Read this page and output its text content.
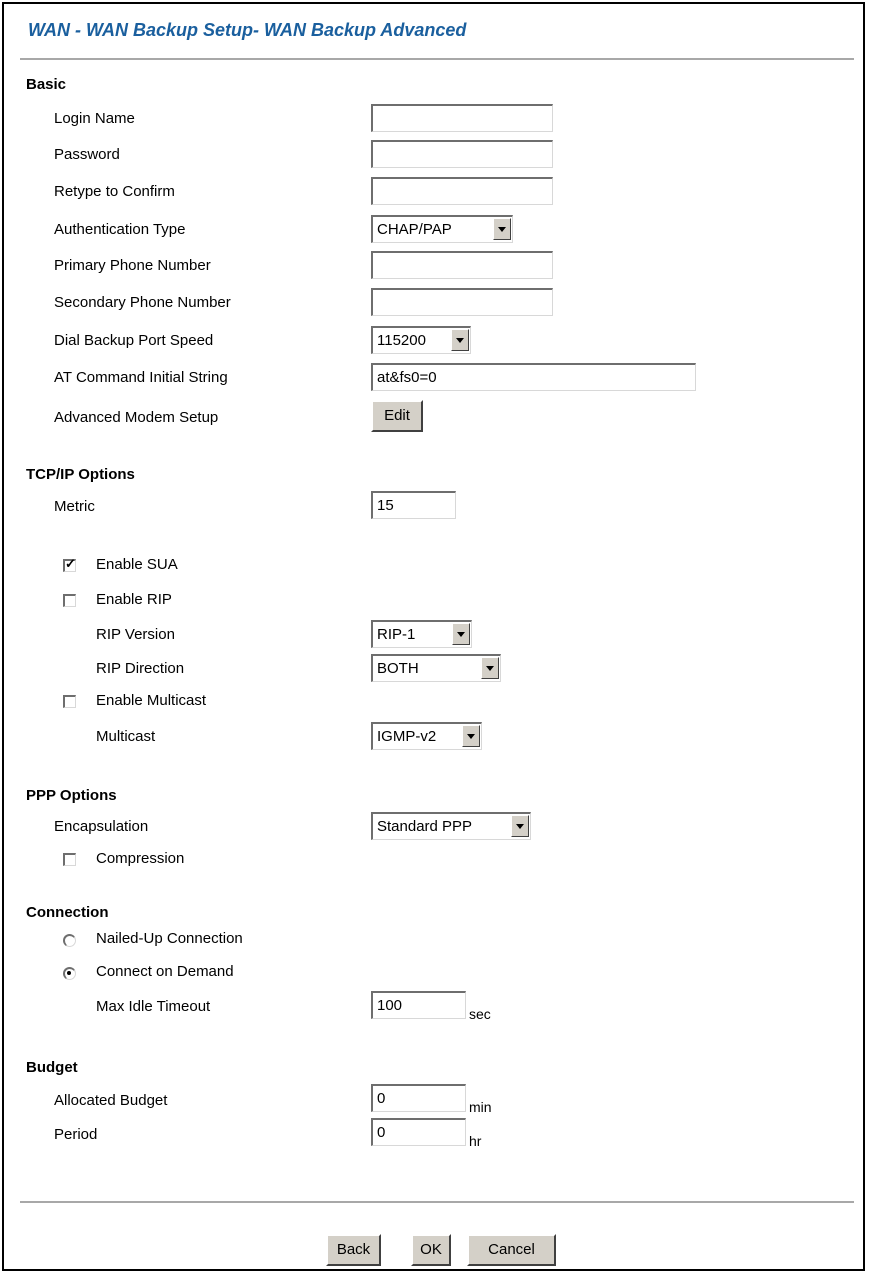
WAN - WAN Backup Setup- WAN Backup Advanced
Basic
Login Name
Password
Retype to Confirm
Authentication Type	CHAP/PAP
Primary Phone Number
Secondary Phone Number
Dial Backup Port Speed	115200
AT Command Initial String	at&fs0=0
Advanced Modem Setup	Edit
TCP/IP Options
Metric	15
✓ Enable SUA
Enable RIP
RIP Version	RIP-1
RIP Direction	BOTH
Enable Multicast
Multicast	IGMP-v2
PPP Options
Encapsulation	Standard PPP
Compression
Connection
Nailed-Up Connection
Connect on Demand
Max Idle Timeout	100	sec
Budget
Allocated Budget	0	min
Period	0	hr
Back	OK	Cancel
